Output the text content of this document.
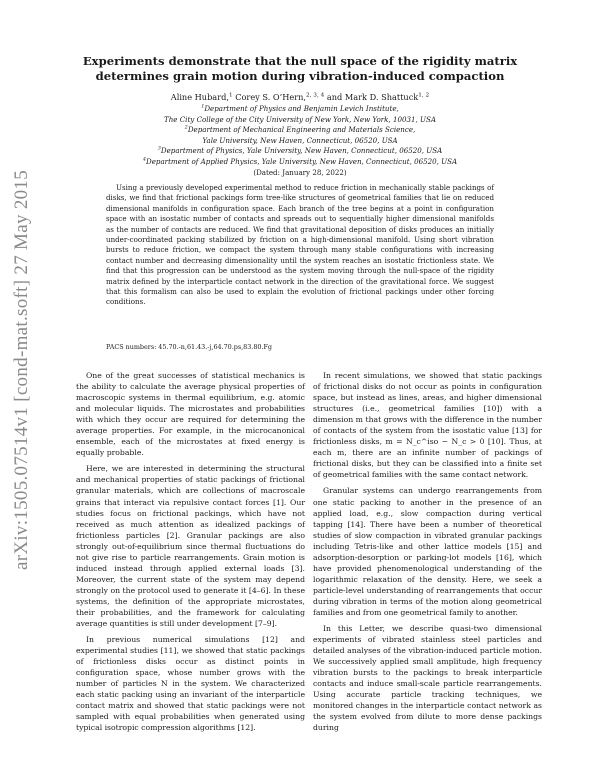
arXiv:1505.07514v1 [cond-mat.soft] 27 May 2015
Experiments demonstrate that the null space of the rigidity matrix determines grain motion during vibration-induced compaction
Aline Hubard,$^1$ Corey S. O’Hern,$^{2, 3, 4}$ and Mark D. Shattuck$^{1, 2}$
$^1$Department of Physics and Benjamin Levich Institute,
The City College of the City University of New York, New York, 10031, USA
$^2$Department of Mechanical Engineering and Materials Science,
Yale University, New Haven, Connecticut, 06520, USA
$^3$Department of Physics, Yale University, New Haven, Connecticut, 06520, USA
$^4$Department of Applied Physics, Yale University, New Haven, Connecticut, 06520, USA
(Dated: January 28, 2022)

Using a previously developed experimental method to reduce friction in mechanically stable packings of disks, we find that frictional packings form tree-like structures of geometrical families that lie on reduced dimensional manifolds in configuration space. Each branch of the tree begins at a point in configuration space with an isostatic number of contacts and spreads out to sequentially higher dimensional manifolds as the number of contacts are reduced. We find that gravitational deposition of disks produces an initially under-coordinated packing stabilized by friction on a high-dimensional manifold. Using short vibration bursts to reduce friction, we compact the system through many stable configurations with increasing contact number and decreasing dimensionality until the system reaches an isostatic frictionless state. We find that this progression can be understood as the system moving through the null-space of the rigidity matrix defined by the interparticle contact network in the direction of the gravitational force. We suggest that this formalism can also be used to explain the evolution of frictional packings under other forcing conditions.

PACS numbers: 45.70.-n,61.43.-j,64.70.ps,83.80.Fg

One of the great successes of statistical mechanics is the ability to calculate the average physical properties of macroscopic systems in thermal equilibrium, e.g. atomic and molecular liquids. The microstates and probabilities with which they occur are required for determining the average properties. For example, in the microcanonical ensemble, each of the microstates at fixed energy is equally probable.

Here, we are interested in determining the structural and mechanical properties of static packings of frictional granular materials, which are collections of macroscale grains that interact via repulsive contact forces [1]. Our studies focus on frictional packings, which have not received as much attention as idealized packings of frictionless particles [2]. Granular packings are also strongly out-of-equilibrium since thermal fluctuations do not give rise to particle rearrangements. Grain motion is induced instead through applied external loads [3]. Moreover, the current state of the system may depend strongly on the protocol used to generate it [4–6]. In these systems, the definition of the appropriate microstates, their probabilities, and the framework for calculating average quantities is still under development [7–9].

In previous numerical simulations [12] and experimental studies [11], we showed that static packings of frictionless disks occur as distinct points in configuration space, whose number grows with the number of particles N in the system. We characterized each static packing using an invariant of the interparticle contact matrix and showed that static packings were not sampled with equal probabilities when generated using typical isotropic compression algorithms [12].

In recent simulations, we showed that static packings of frictional disks do not occur as points in configuration space, but instead as lines, areas, and higher dimensional structures (i.e., geometrical families [10]) with a dimension m that grows with the difference in the number of contacts of the system from the isostatic value [13] for frictionless disks, m = N_c^iso − N_c > 0 [10]. Thus, at each m, there are an infinite number of packings of frictional disks, but they can be classified into a finite set of geometrical families with the same contact network.

Granular systems can undergo rearrangements from one static packing to another in the presence of an applied load, e.g., slow compaction during vertical tapping [14]. There have been a number of theoretical studies of slow compaction in vibrated granular packings including Tetris-like and other lattice models [15] and adsorption-desorption or parking-lot models [16], which have provided phenomenological understanding of the logarithmic relaxation of the density. Here, we seek a particle-level understanding of rearrangements that occur during vibration in terms of the motion along geometrical families and from one geometrical family to another.

In this Letter, we describe quasi-two dimensional experiments of vibrated stainless steel particles and detailed analyses of the vibration-induced particle motion. We successively applied small amplitude, high frequency vibration bursts to the packings to break interparticle contacts and induce small-scale particle rearrangements. Using accurate particle tracking techniques, we monitored changes in the interparticle contact network as the system evolved from dilute to more dense packings during
